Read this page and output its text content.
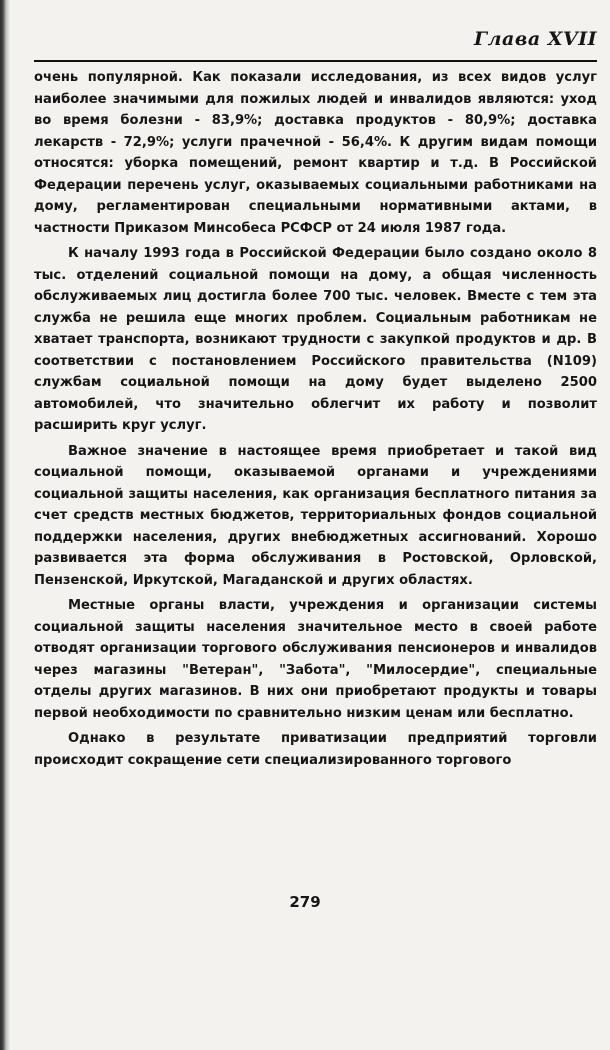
Глава XVII

очень популярной. Как показали исследования, из всех видов услуг наиболее значимыми для пожилых людей и инвалидов являются: уход во время болезни - 83,9%; доставка продуктов - 80,9%; доставка лекарств - 72,9%; услуги прачечной - 56,4%. К другим видам помощи относятся: уборка помещений, ремонт квартир и т.д. В Российской Федерации перечень услуг, оказываемых социальными работниками на дому, регламентирован специальными нормативными актами, в частности Приказом Минсобеса РСФСР от 24 июля 1987 года.

К началу 1993 года в Российской Федерации было создано около 8 тыс. отделений социальной помощи на дому, а общая численность обслуживаемых лиц достигла более 700 тыс. человек. Вместе с тем эта служба не решила еще многих проблем. Социальным работникам не хватает транспорта, возникают трудности с закупкой продуктов и др. В соответствии с постановлением Российского правительства (N109) службам социальной помощи на дому будет выделено 2500 автомобилей, что значительно облегчит их работу и позволит расширить круг услуг.

Важное значение в настоящее время приобретает и такой вид социальной помощи, оказываемой органами и учреждениями социальной защиты населения, как организация бесплатного питания за счет средств местных бюджетов, территориальных фондов социальной поддержки населения, других внебюджетных ассигнований. Хорошо развивается эта форма обслуживания в Ростовской, Орловской, Пензенской, Иркутской, Магаданской и других областях.

Местные органы власти, учреждения и организации системы социальной защиты населения значительное место в своей работе отводят организации торгового обслуживания пенсионеров и инвалидов через магазины "Ветеран", "Забота", "Милосердие", специальные отделы других магазинов. В них они приобретают продукты и товары первой необходимости по сравнительно низким ценам или бесплатно.

Однако в результате приватизации предприятий торговли происходит сокращение сети специализированного торгового

279
